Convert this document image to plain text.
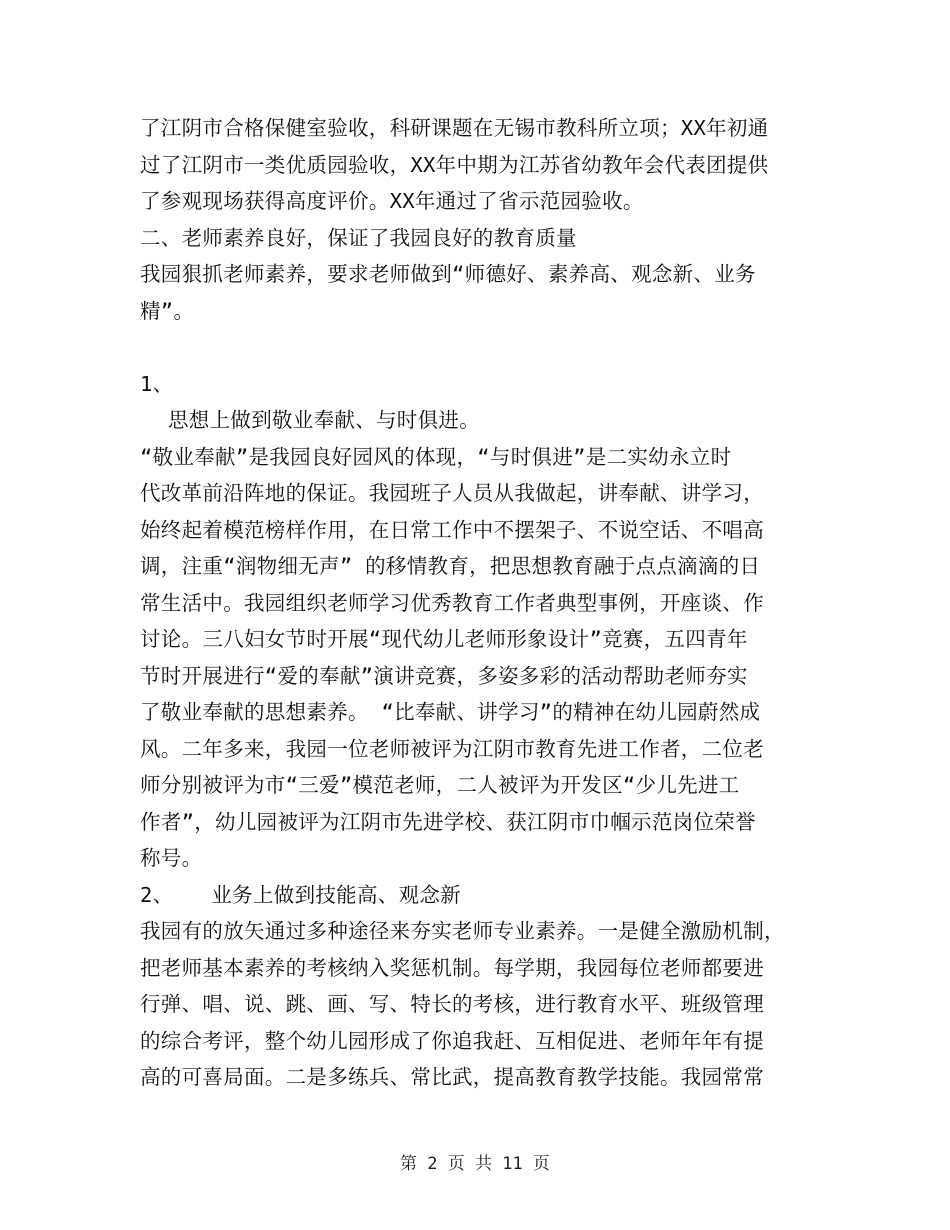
了江阴市合格保健室验收，科研课题在无锡市教科所立项；XX年初通
过了江阴市一类优质园验收，XX年中期为江苏省幼教年会代表团提供
了参观现场获得高度评价。XX年通过了省示范园验收。
二、老师素养良好，保证了我园良好的教育质量
我园狠抓老师素养，要求老师做到“师德好、素养高、观念新、业务
精”。
1、
思想上做到敬业奉献、与时俱进。
“敬业奉献”是我园良好园风的体现，“与时俱进”是二实幼永立时
代改革前沿阵地的保证。我园班子人员从我做起，讲奉献、讲学习，
始终起着模范榜样作用，在日常工作中不摆架子、不说空话、不唱高
调，注重“润物细无声” 的移情教育，把思想教育融于点点滴滴的日
常生活中。我园组织老师学习优秀教育工作者典型事例，开座谈、作
讨论。三八妇女节时开展“现代幼儿老师形象设计”竞赛，五四青年
节时开展进行“爱的奉献”演讲竞赛，多姿多彩的活动帮助老师夯实
了敬业奉献的思想素养。 “比奉献、讲学习”的精神在幼儿园蔚然成
风。二年多来，我园一位老师被评为江阴市教育先进工作者，二位老
师分别被评为市“三爱”模范老师，二人被评为开发区“少儿先进工
作者”，幼儿园被评为江阴市先进学校、获江阴市巾帼示范岗位荣誉
称号。
2、   业务上做到技能高、观念新
我园有的放矢通过多种途径来夯实老师专业素养。一是健全激励机制，
把老师基本素养的考核纳入奖惩机制。每学期，我园每位老师都要进
行弹、唱、说、跳、画、写、特长的考核，进行教育水平、班级管理
的综合考评，整个幼儿园形成了你追我赶、互相促进、老师年年有提
高的可喜局面。二是多练兵、常比武，提高教育教学技能。我园常常
第 2 页 共 11 页
